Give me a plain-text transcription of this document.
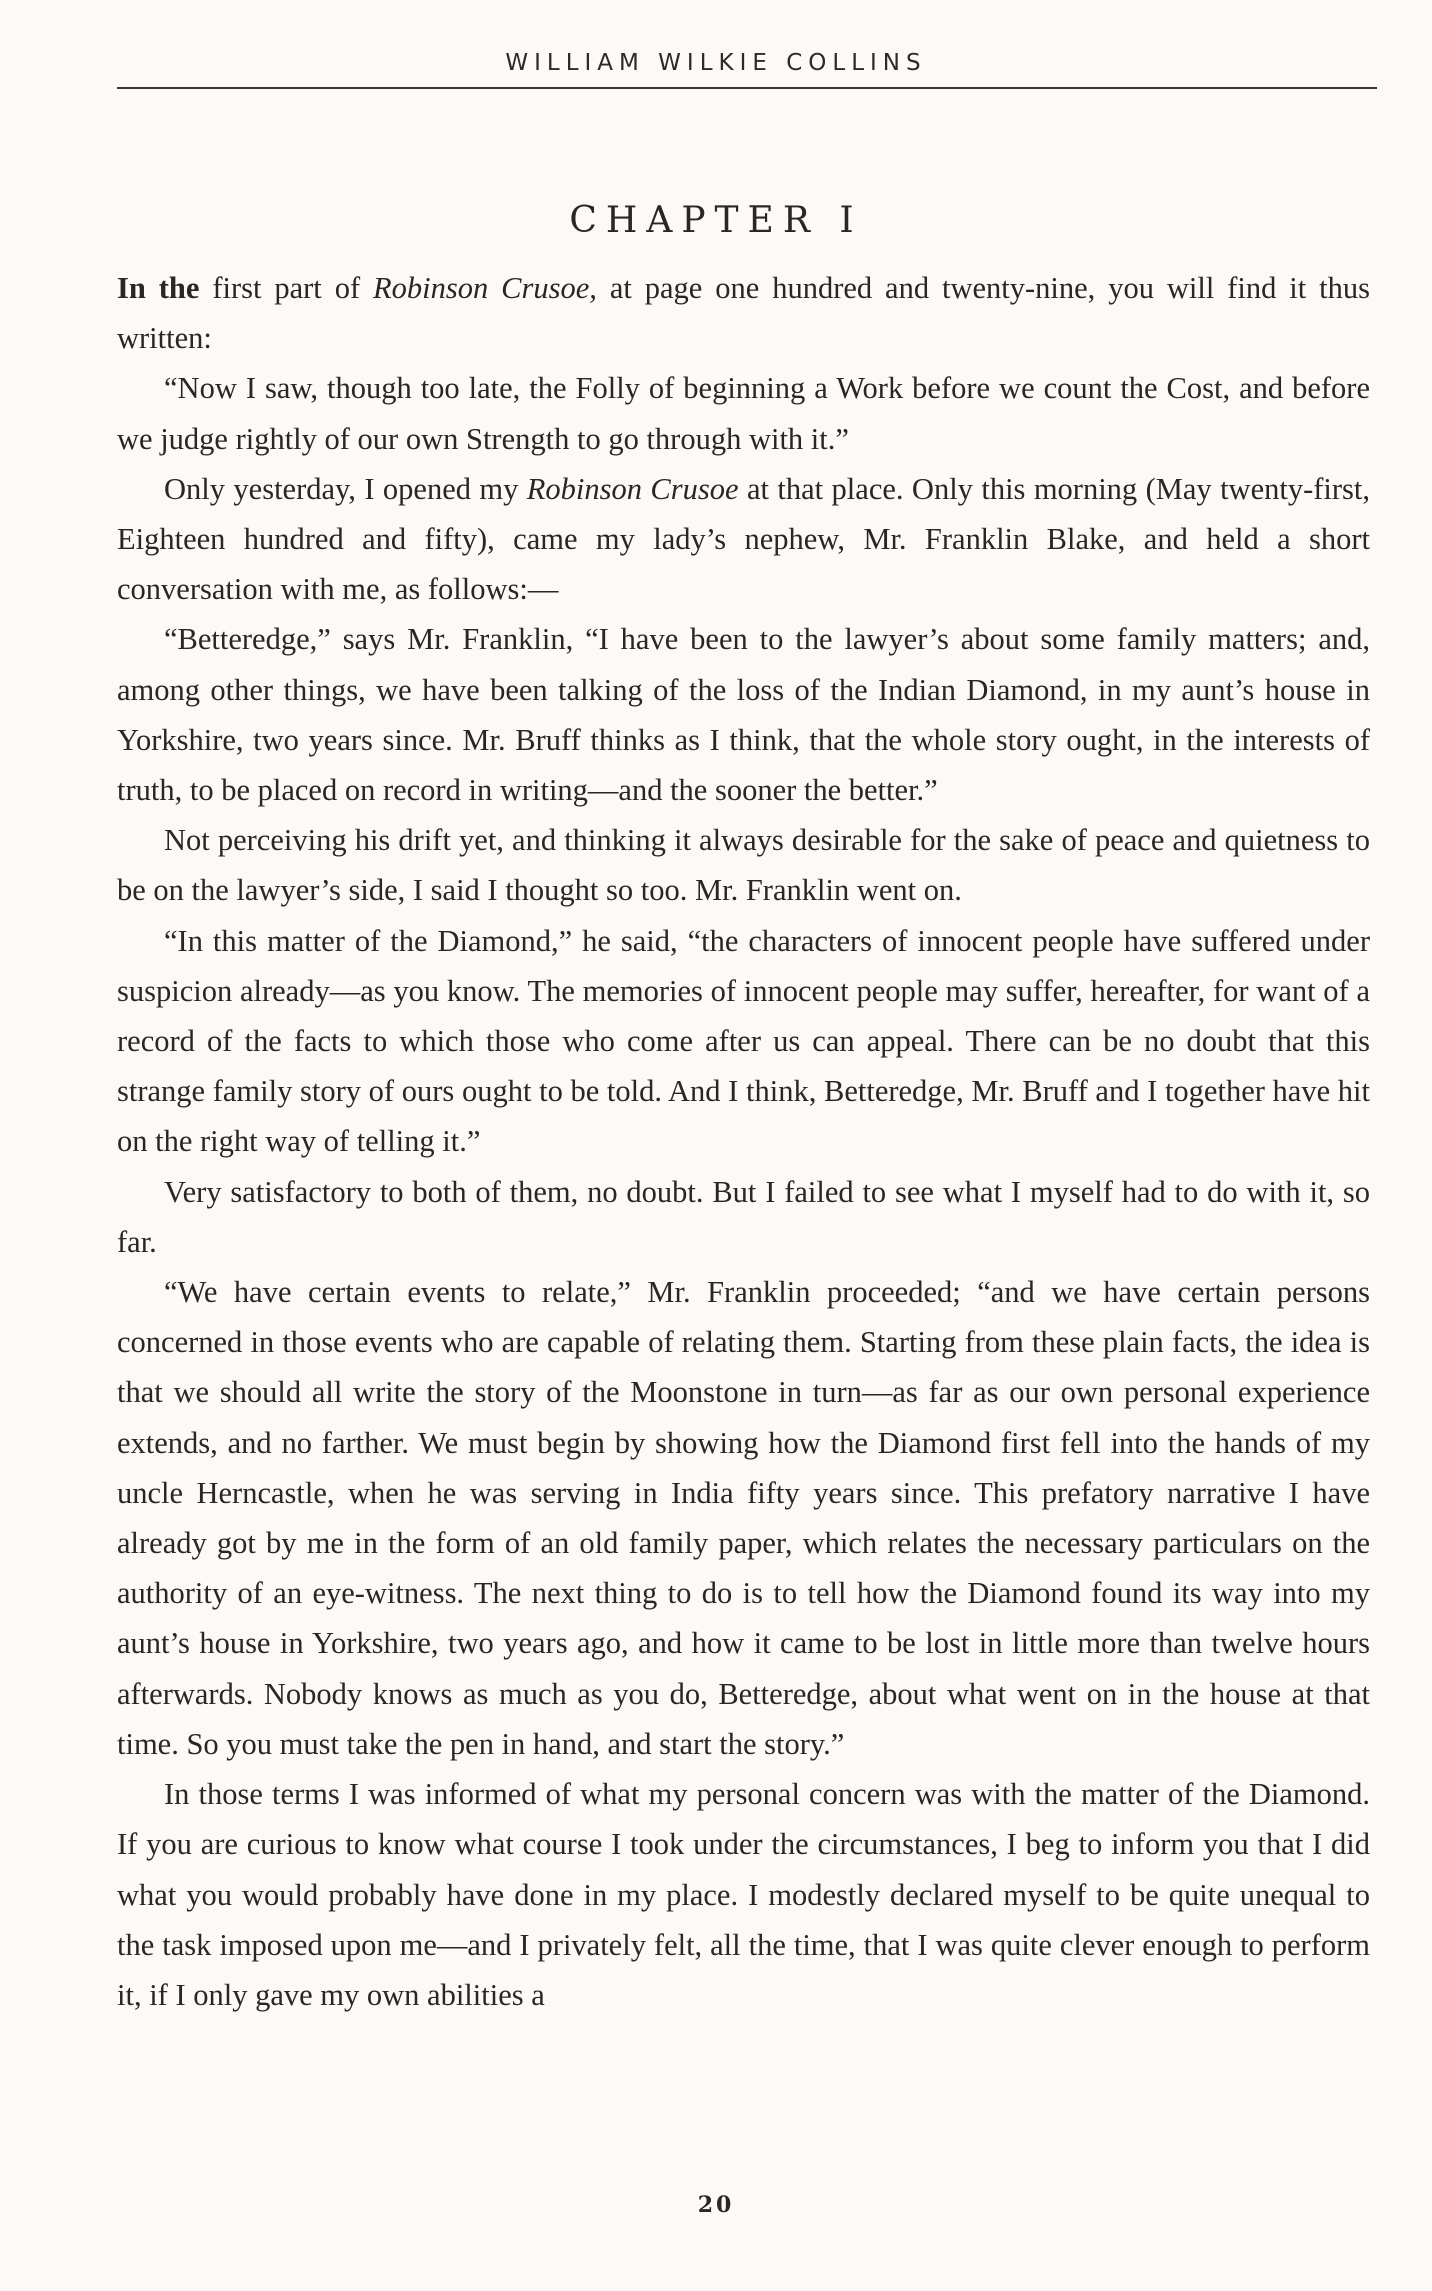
WILLIAM WILKIE COLLINS
CHAPTER I

In the first part of Robinson Crusoe, at page one hundred and twenty-nine, you will find it thus written:

“Now I saw, though too late, the Folly of beginning a Work before we count the Cost, and before we judge rightly of our own Strength to go through with it.”

Only yesterday, I opened my Robinson Crusoe at that place. Only this morning (May twenty-first, Eighteen hundred and fifty), came my lady’s nephew, Mr. Franklin Blake, and held a short conversation with me, as follows:—

“Betteredge,” says Mr. Franklin, “I have been to the lawyer’s about some family matters; and, among other things, we have been talking of the loss of the Indian Diamond, in my aunt’s house in Yorkshire, two years since. Mr. Bruff thinks as I think, that the whole story ought, in the interests of truth, to be placed on record in writing—and the sooner the better.”

Not perceiving his drift yet, and thinking it always desirable for the sake of peace and quietness to be on the lawyer’s side, I said I thought so too. Mr. Franklin went on.

“In this matter of the Diamond,” he said, “the characters of innocent people have suffered under suspicion already—as you know. The memories of innocent people may suffer, hereafter, for want of a record of the facts to which those who come after us can appeal. There can be no doubt that this strange family story of ours ought to be told. And I think, Betteredge, Mr. Bruff and I together have hit on the right way of telling it.”

Very satisfactory to both of them, no doubt. But I failed to see what I myself had to do with it, so far.

“We have certain events to relate,” Mr. Franklin proceeded; “and we have certain persons concerned in those events who are capable of relating them. Starting from these plain facts, the idea is that we should all write the story of the Moonstone in turn—as far as our own personal experience extends, and no farther. We must begin by showing how the Diamond first fell into the hands of my uncle Herncastle, when he was serving in India fifty years since. This prefatory narrative I have already got by me in the form of an old family paper, which relates the necessary particulars on the authority of an eye-witness. The next thing to do is to tell how the Diamond found its way into my aunt’s house in Yorkshire, two years ago, and how it came to be lost in little more than twelve hours afterwards. Nobody knows as much as you do, Betteredge, about what went on in the house at that time. So you must take the pen in hand, and start the story.”

In those terms I was informed of what my personal concern was with the matter of the Diamond. If you are curious to know what course I took under the circumstances, I beg to inform you that I did what you would probably have done in my place. I modestly declared myself to be quite unequal to the task imposed upon me—and I privately felt, all the time, that I was quite clever enough to perform it, if I only gave my own abilities a

20
